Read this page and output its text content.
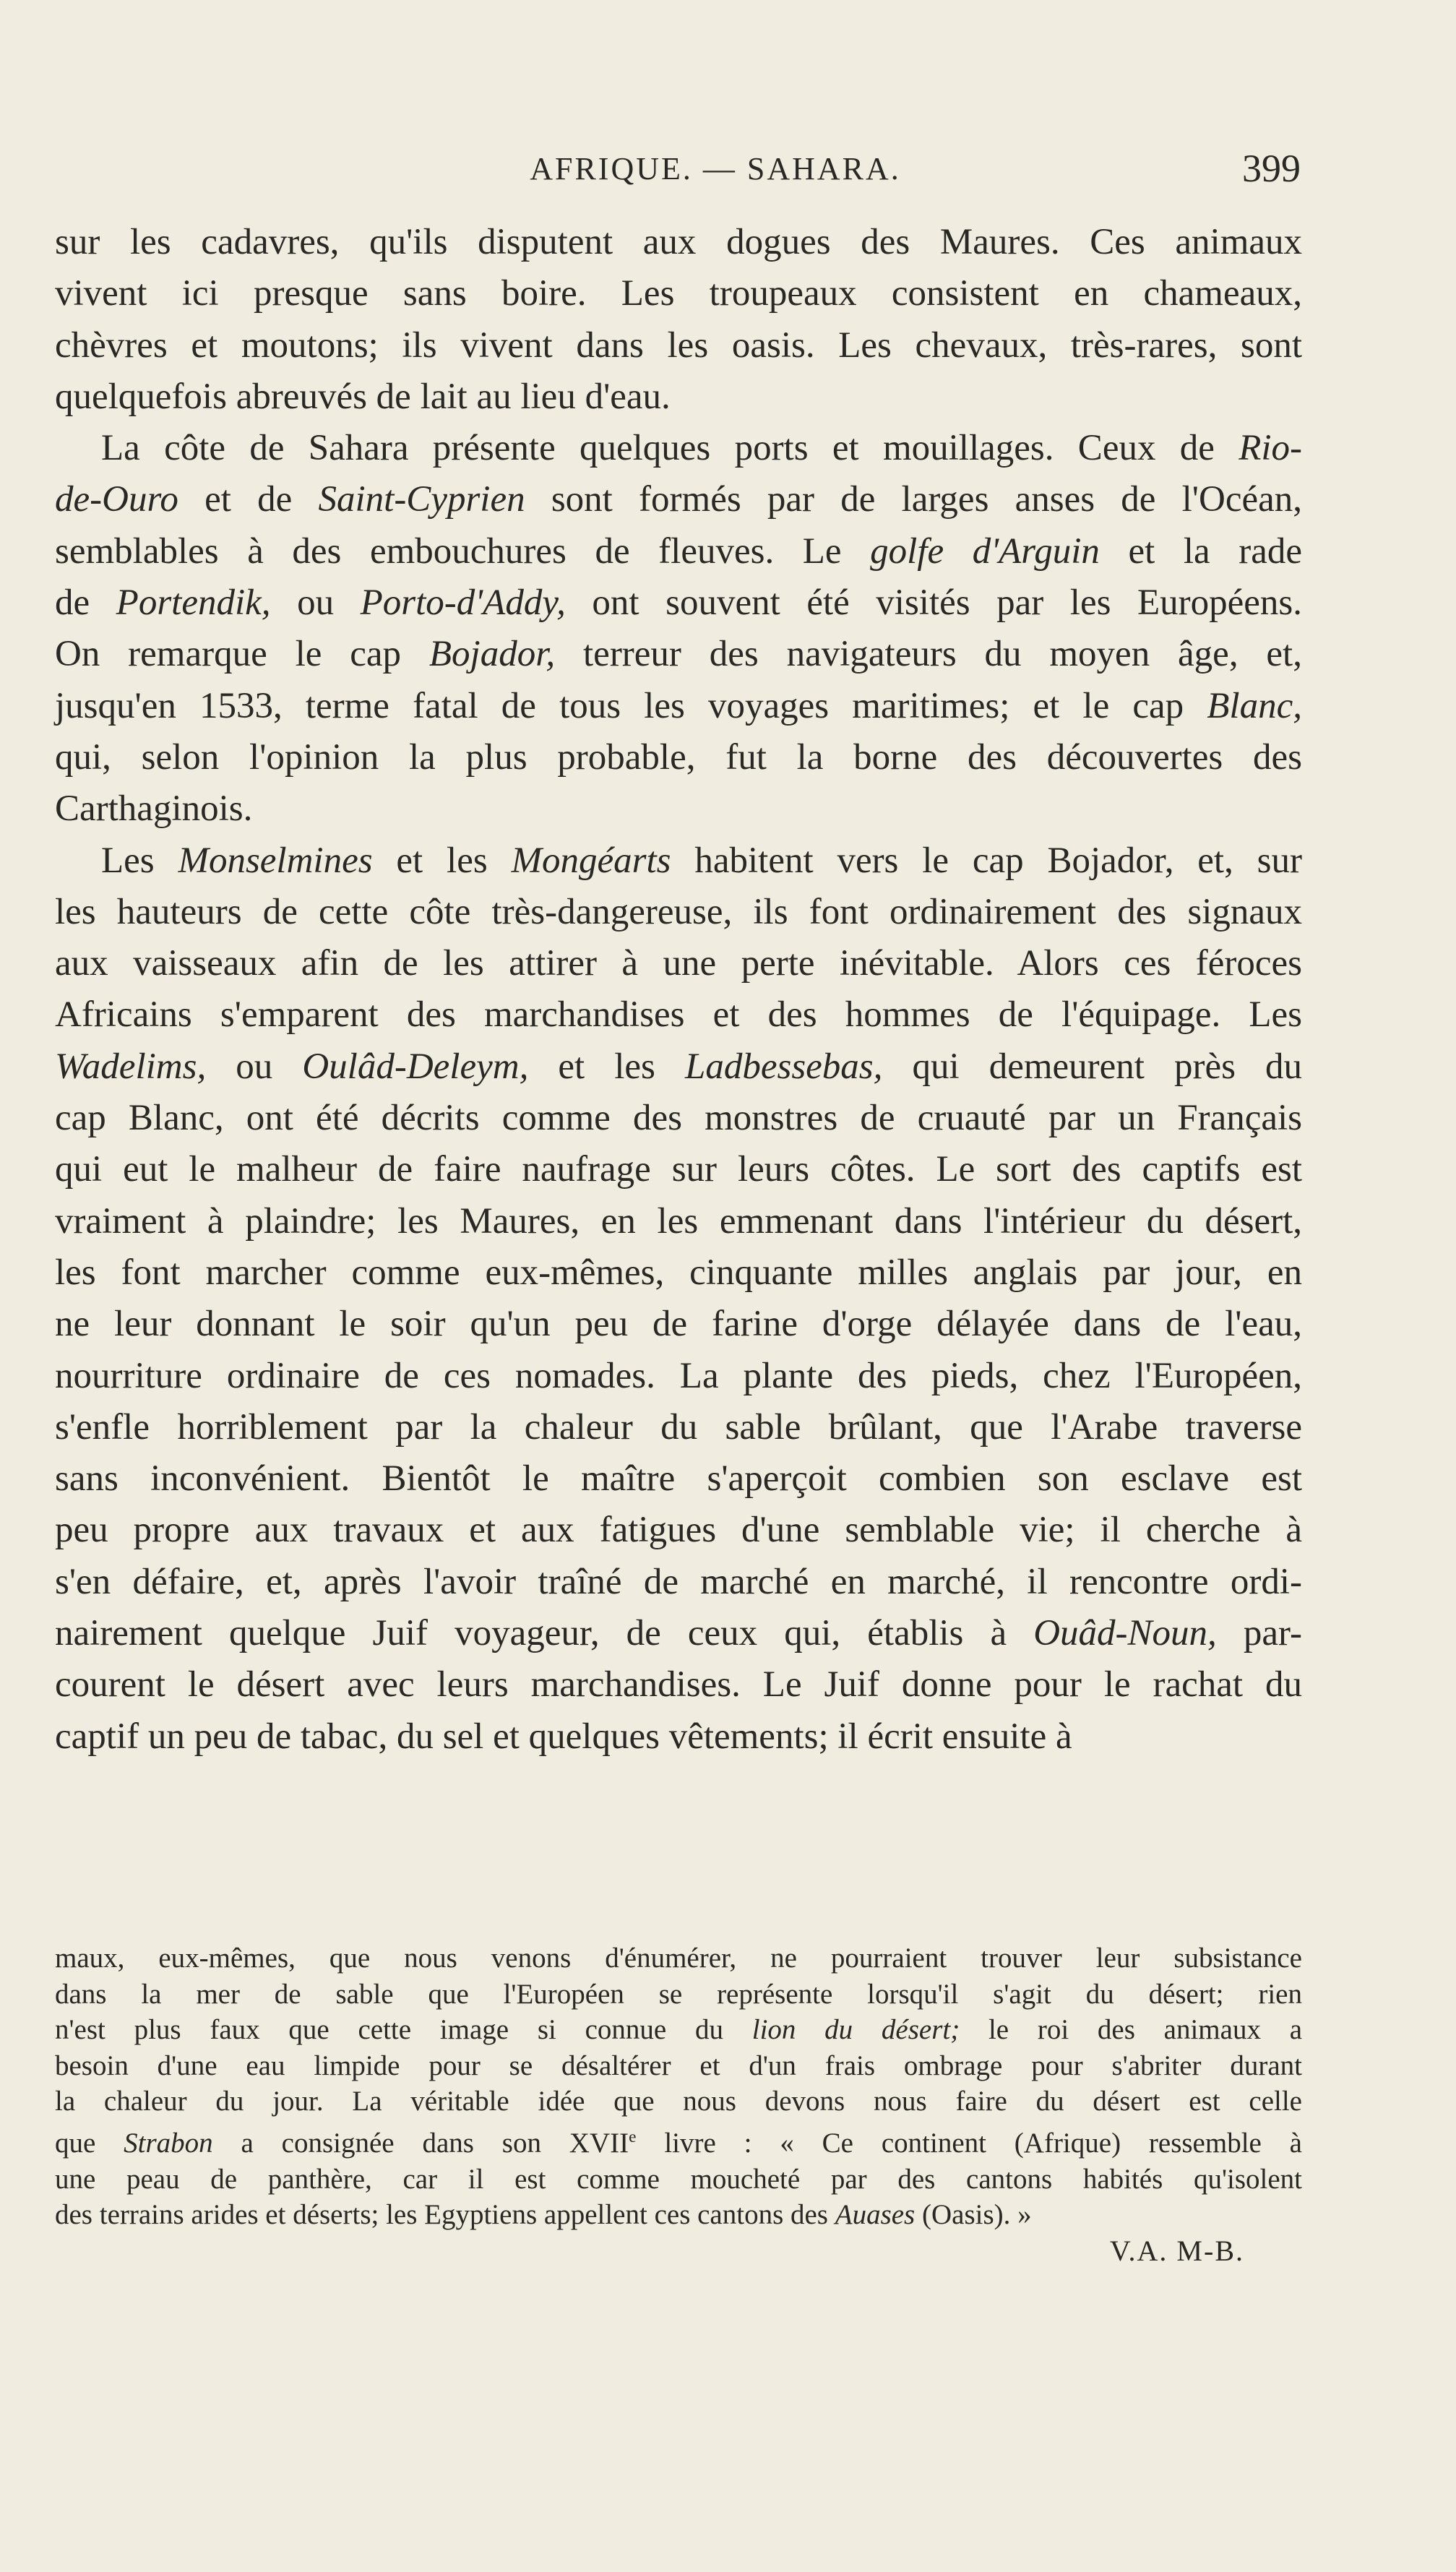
AFRIQUE. — SAHARA.	399
sur les cadavres, qu'ils disputent aux dogues des Maures. Ces animaux
vivent ici presque sans boire. Les troupeaux consistent en chameaux,
chèvres et moutons; ils vivent dans les oasis. Les chevaux, très-rares, sont
quelquefois abreuvés de lait au lieu d'eau.
La côte de Sahara présente quelques ports et mouillages. Ceux de Rio-
de-Ouro et de Saint-Cyprien sont formés par de larges anses de l'Océan,
semblables à des embouchures de fleuves. Le golfe d'Arguin et la rade
de Portendik, ou Porto-d'Addy, ont souvent été visités par les Européens.
On remarque le cap Bojador, terreur des navigateurs du moyen âge, et,
jusqu'en 1533, terme fatal de tous les voyages maritimes; et le cap Blanc,
qui, selon l'opinion la plus probable, fut la borne des découvertes des
Carthaginois.
Les Monselmines et les Mongéarts habitent vers le cap Bojador, et, sur
les hauteurs de cette côte très-dangereuse, ils font ordinairement des signaux
aux vaisseaux afin de les attirer à une perte inévitable. Alors ces féroces
Africains s'emparent des marchandises et des hommes de l'équipage. Les
Wadelims, ou Oulâd-Deleym, et les Ladbessebas, qui demeurent près du
cap Blanc, ont été décrits comme des monstres de cruauté par un Français
qui eut le malheur de faire naufrage sur leurs côtes. Le sort des captifs est
vraiment à plaindre; les Maures, en les emmenant dans l'intérieur du désert,
les font marcher comme eux-mêmes, cinquante milles anglais par jour, en
ne leur donnant le soir qu'un peu de farine d'orge délayée dans de l'eau,
nourriture ordinaire de ces nomades. La plante des pieds, chez l'Européen,
s'enfle horriblement par la chaleur du sable brûlant, que l'Arabe traverse
sans inconvénient. Bientôt le maître s'aperçoit combien son esclave est
peu propre aux travaux et aux fatigues d'une semblable vie; il cherche à
s'en défaire, et, après l'avoir traîné de marché en marché, il rencontre ordi-
nairement quelque Juif voyageur, de ceux qui, établis à Ouâd-Noun, par-
courent le désert avec leurs marchandises. Le Juif donne pour le rachat du
captif un peu de tabac, du sel et quelques vêtements; il écrit ensuite à
maux, eux-mêmes, que nous venons d'énumérer, ne pourraient trouver leur subsistance
dans la mer de sable que l'Européen se représente lorsqu'il s'agit du désert; rien
n'est plus faux que cette image si connue du lion du désert; le roi des animaux a
besoin d'une eau limpide pour se désaltérer et d'un frais ombrage pour s'abriter durant
la chaleur du jour. La véritable idée que nous devons nous faire du désert est celle
que Strabon a consignée dans son XVIIe livre : « Ce continent (Afrique) ressemble à
une peau de panthère, car il est comme moucheté par des cantons habités qu'isolent
des terrains arides et déserts; les Egyptiens appellent ces cantons des Auases (Oasis). »
V.A. M-B.
